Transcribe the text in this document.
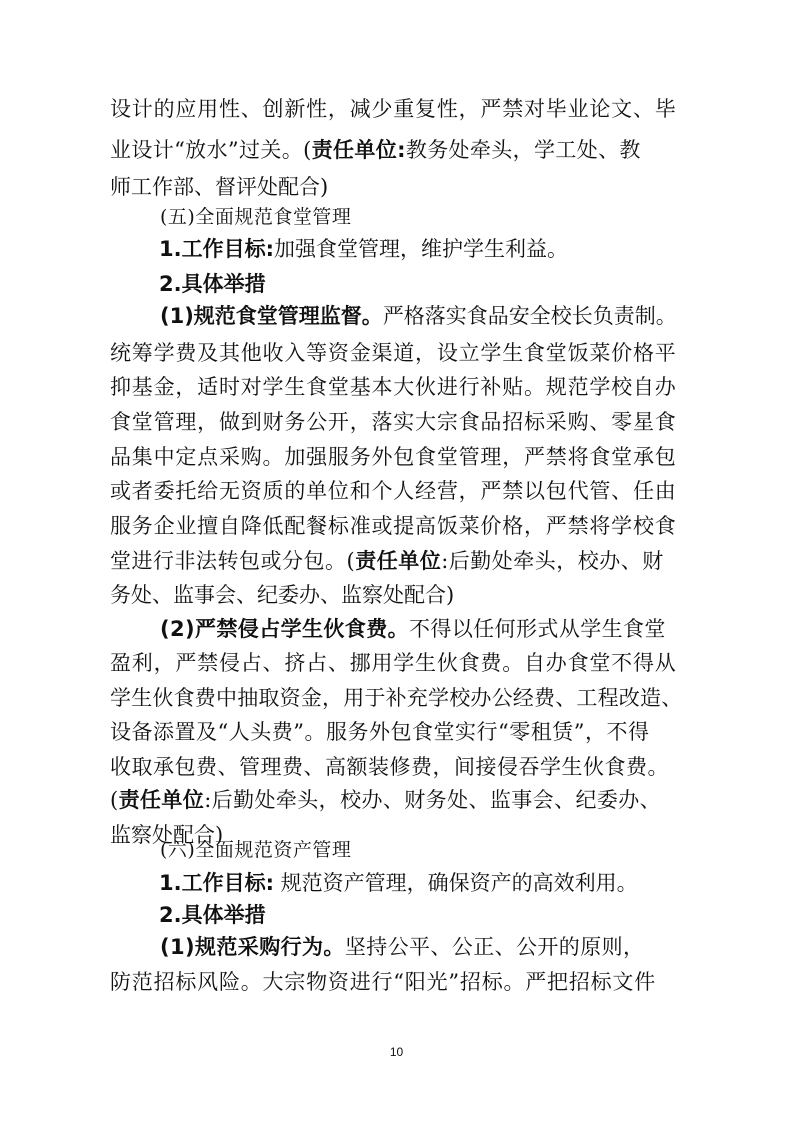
设计的应用性、创新性，减少重复性，严禁对毕业论文、毕
业设计“放水”过关。(责任单位:教务处牵头，学工处、教
师工作部、督评处配合)
(五)全面规范食堂管理
1.工作目标:加强食堂管理，维护学生利益。
2.具体举措
(1)规范食堂管理监督。严格落实食品安全校长负责制。
统筹学费及其他收入等资金渠道，设立学生食堂饭菜价格平
抑基金，适时对学生食堂基本大伙进行补贴。规范学校自办
食堂管理，做到财务公开，落实大宗食品招标采购、零星食
品集中定点采购。加强服务外包食堂管理，严禁将食堂承包
或者委托给无资质的单位和个人经营，严禁以包代管、任由
服务企业擅自降低配餐标准或提高饭菜价格，严禁将学校食
堂进行非法转包或分包。(责任单位:后勤处牵头，校办、财
务处、监事会、纪委办、监察处配合)
(2)严禁侵占学生伙食费。不得以任何形式从学生食堂
盈利，严禁侵占、挤占、挪用学生伙食费。自办食堂不得从
学生伙食费中抽取资金，用于补充学校办公经费、工程改造、
设备添置及“人头费”。服务外包食堂实行“零租赁”，不得
收取承包费、管理费、高额装修费，间接侵吞学生伙食费。
(责任单位:后勤处牵头，校办、财务处、监事会、纪委办、
监察处配合)
(六)全面规范资产管理
1.工作目标: 规范资产管理，确保资产的高效利用。
2.具体举措
(1)规范采购行为。坚持公平、公正、公开的原则，
防范招标风险。大宗物资进行“阳光”招标。严把招标文件
10
